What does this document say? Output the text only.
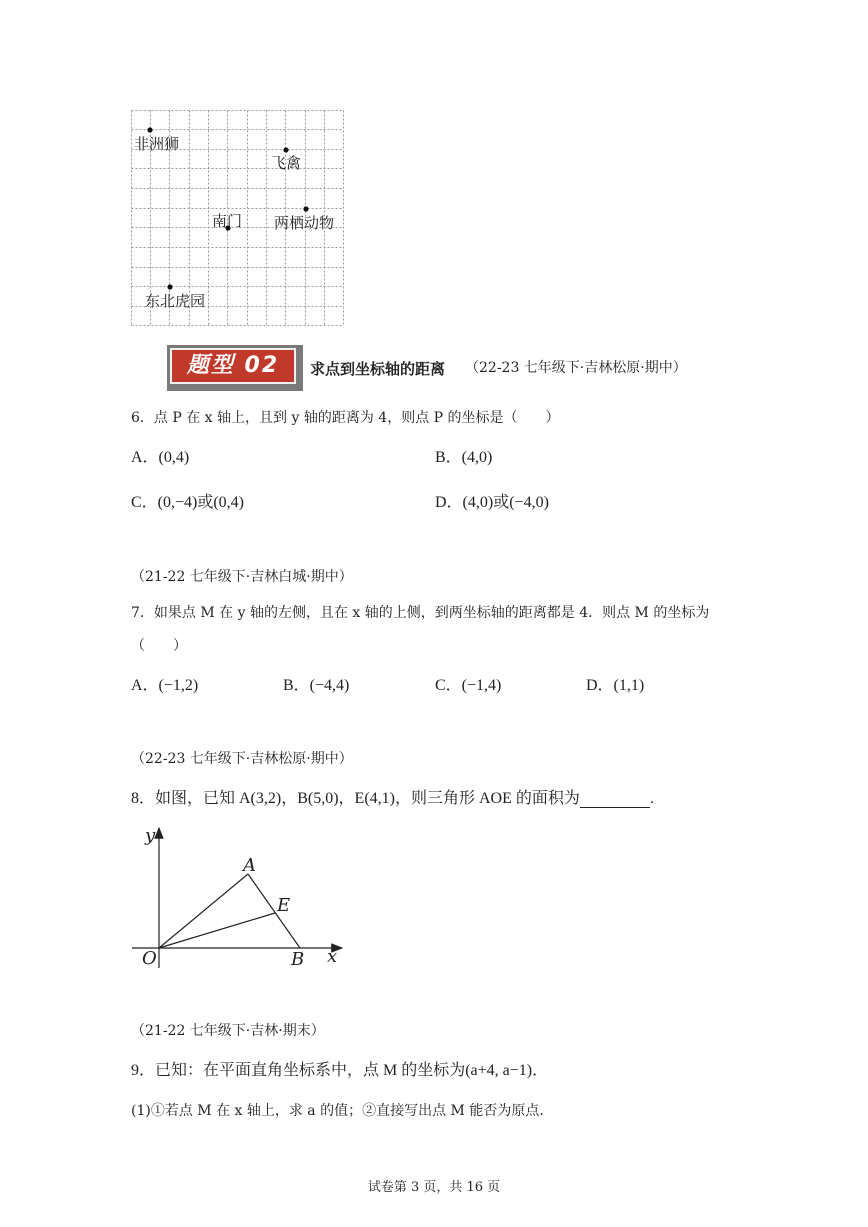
非洲狮
飞禽
南门 两栖动物
东北虎园
题型 02	求点到坐标轴的距离 （22-23 七年级下·吉林松原·期中）
6．点 P 在 x 轴上，且到 y 轴的距离为 4，则点 P 的坐标是（　　）
A．(0,4)	B．(4,0)
C．(0,−4)或(0,4)	D．(4,0)或(−4,0)
（21-22 七年级下·吉林白城·期中）
7．如果点 M 在 y 轴的左侧，且在 x 轴的上侧，到两坐标轴的距离都是 4．则点 M 的坐标为
（　　）
A．(−1,2)	B．(−4,4)	C．(−1,4)	D．(1,1)
（22-23 七年级下·吉林松原·期中）
8．如图，已知 A(3,2)，B(5,0)，E(4,1)，则三角形 AOE 的面积为	．
y
x
O
A
E
B
（21-22 七年级下·吉林·期末）
9．已知：在平面直角坐标系中，点 M 的坐标为(a+4, a−1)．
(1)①若点 M 在 x 轴上，求 a 的值；②直接写出点 M 能否为原点．
试卷第 3 页，共 16 页
